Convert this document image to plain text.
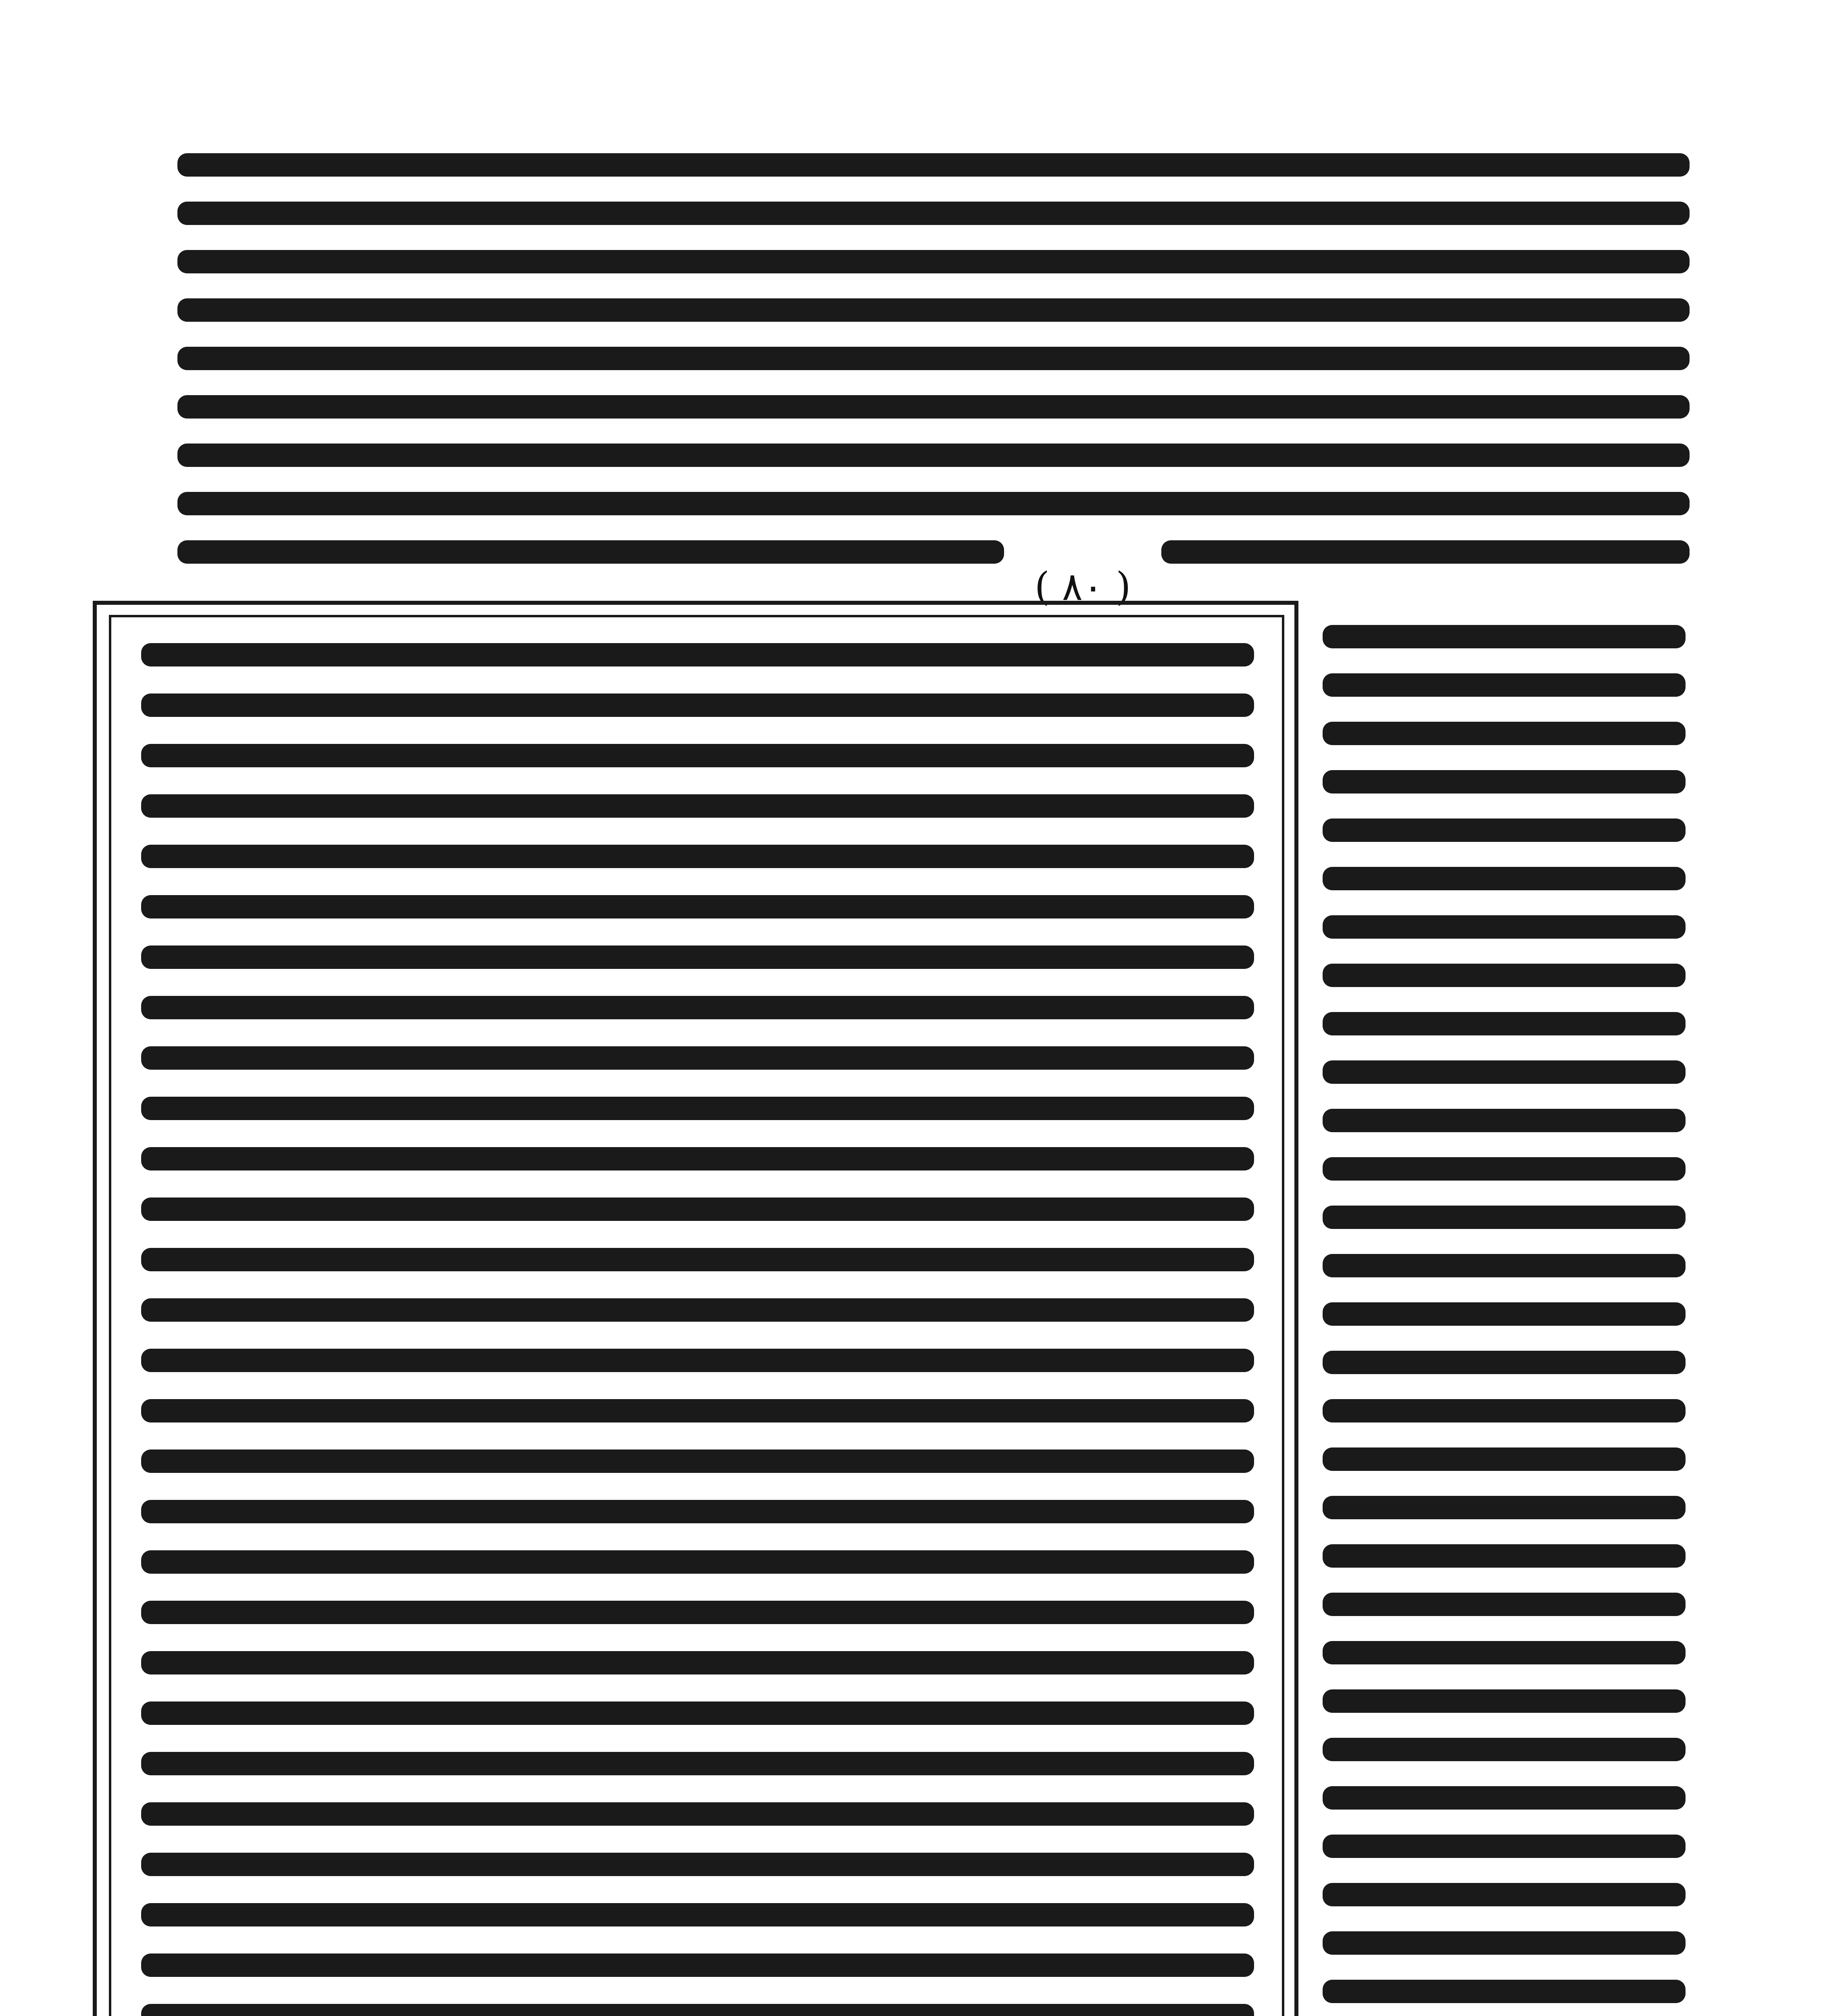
( ٨٠ )
